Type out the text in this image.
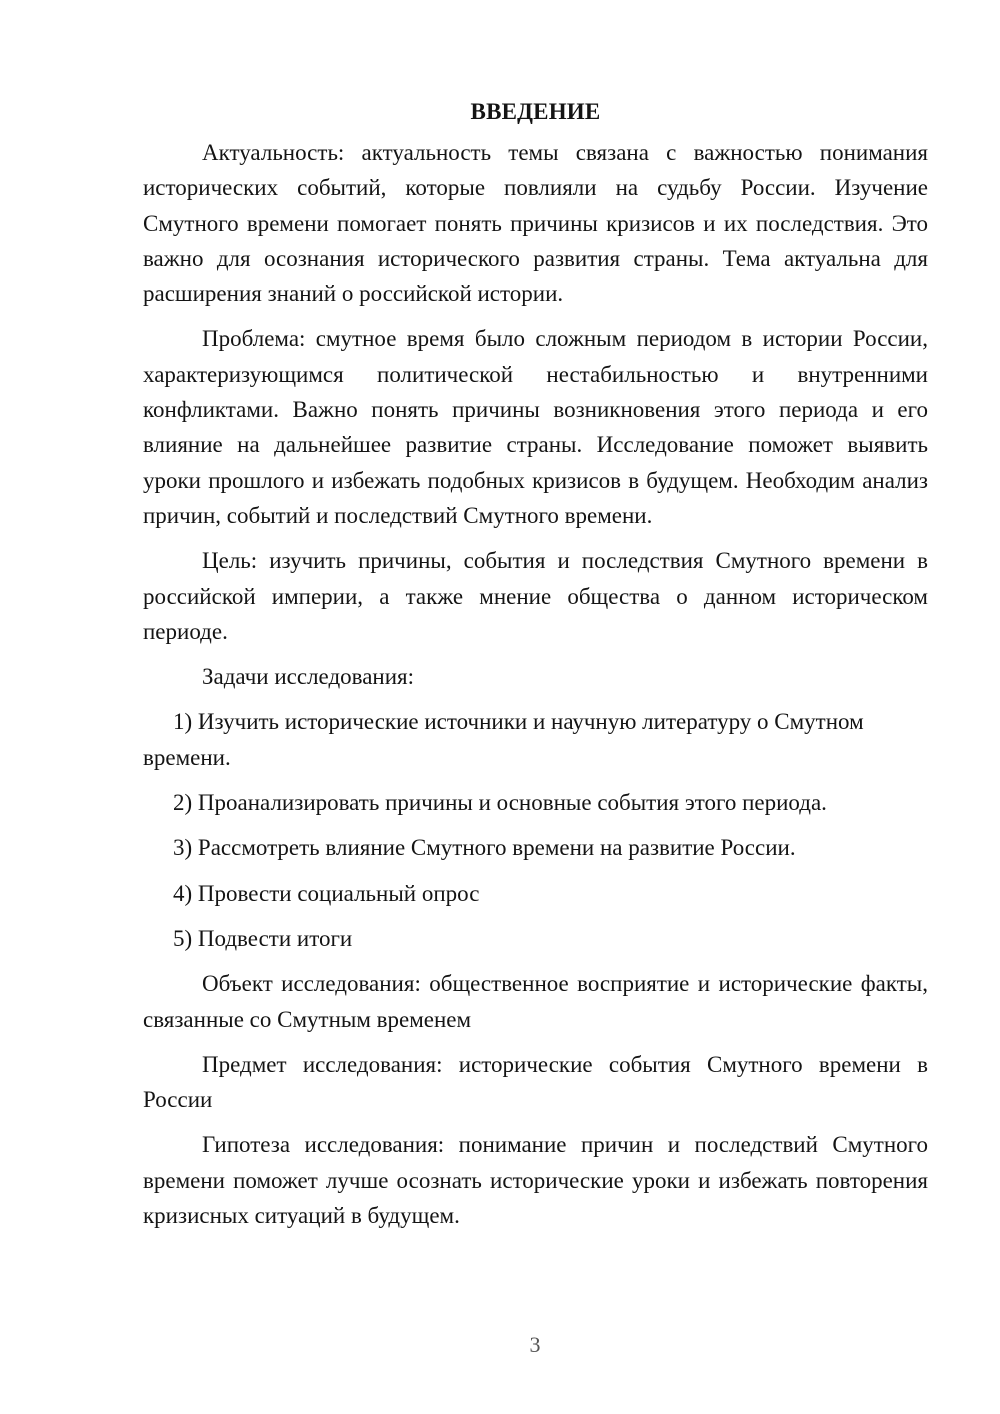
ВВЕДЕНИЕ

Актуальность: актуальность темы связана с важностью понимания исторических событий, которые повлияли на судьбу России. Изучение Смутного времени помогает понять причины кризисов и их последствия. Это важно для осознания исторического развития страны. Тема актуальна для расширения знаний о российской истории.

Проблема: смутное время было сложным периодом в истории России, характеризующимся политической нестабильностью и внутренними конфликтами. Важно понять причины возникновения этого периода и его влияние на дальнейшее развитие страны. Исследование поможет выявить уроки прошлого и избежать подобных кризисов в будущем. Необходим анализ причин, событий и последствий Смутного времени.

Цель: изучить причины, события и последствия Смутного времени в российской империи, а также мнение общества о данном историческом периоде.

Задачи исследования:

1) Изучить исторические источники и научную литературу о Смутном времени.

2) Проанализировать причины и основные события этого периода.

3) Рассмотреть влияние Смутного времени на развитие России.

4) Провести социальный опрос

5) Подвести итоги

Объект исследования: общественное восприятие и исторические факты, связанные со Смутным временем

Предмет исследования: исторические события Смутного времени в России

Гипотеза исследования: понимание причин и последствий Смутного времени поможет лучше осознать исторические уроки и избежать повторения кризисных ситуаций в будущем.

3
